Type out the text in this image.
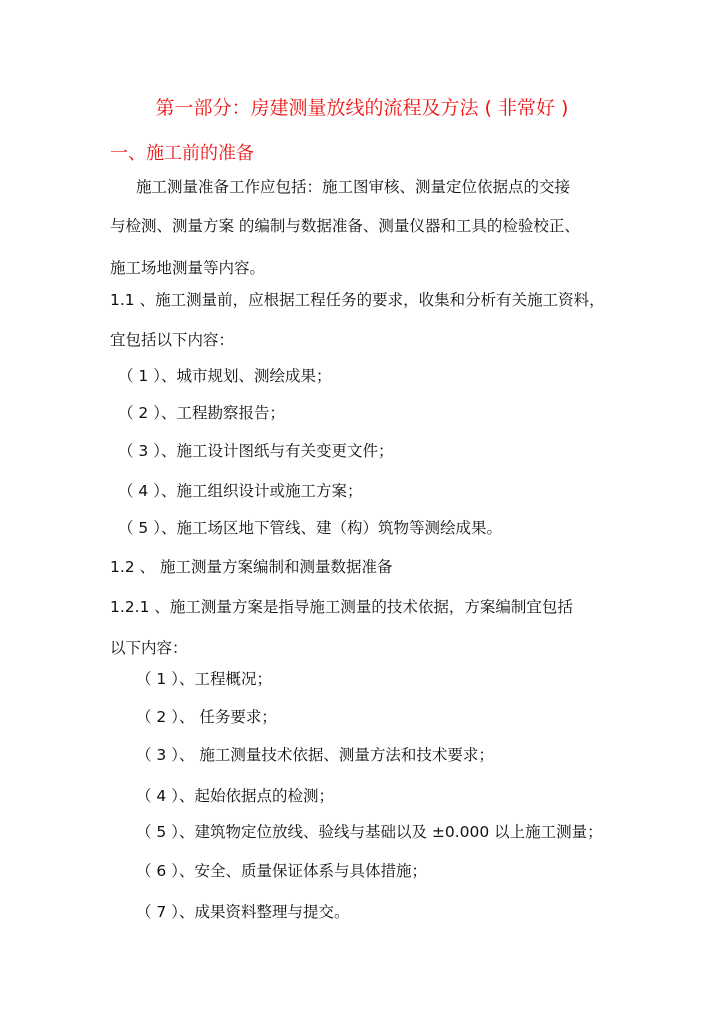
第一部分：房建测量放线的流程及方法 ( 非常好 )
一、施工前的准备

施工测量准备工作应包括：施工图审核、测量定位依据点的交接

与检测、测量方案 的编制与数据准备、测量仪器和工具的检验校正、

施工场地测量等内容。

1.1 、施工测量前，应根据工程任务的要求，收集和分析有关施工资料，

宜包括以下内容：

（ 1 ）、城市规划、测绘成果；

（ 2 ）、工程勘察报告；

（ 3 ）、施工设计图纸与有关变更文件；

（ 4 ）、施工组织设计或施工方案；

（ 5 ）、施工场区地下管线、建（构）筑物等测绘成果。

1.2 、 施工测量方案编制和测量数据准备

1.2.1 、施工测量方案是指导施工测量的技术依据，方案编制宜包括

以下内容：

（ 1 ）、工程概况；

（ 2 ）、 任务要求；

（ 3 ）、 施工测量技术依据、测量方法和技术要求；

（ 4 ）、起始依据点的检测；

（ 5 ）、建筑物定位放线、验线与基础以及 ±0.000 以上施工测量；

（ 6 ）、安全、质量保证体系与具体措施；

（ 7 ）、成果资料整理与提交。
